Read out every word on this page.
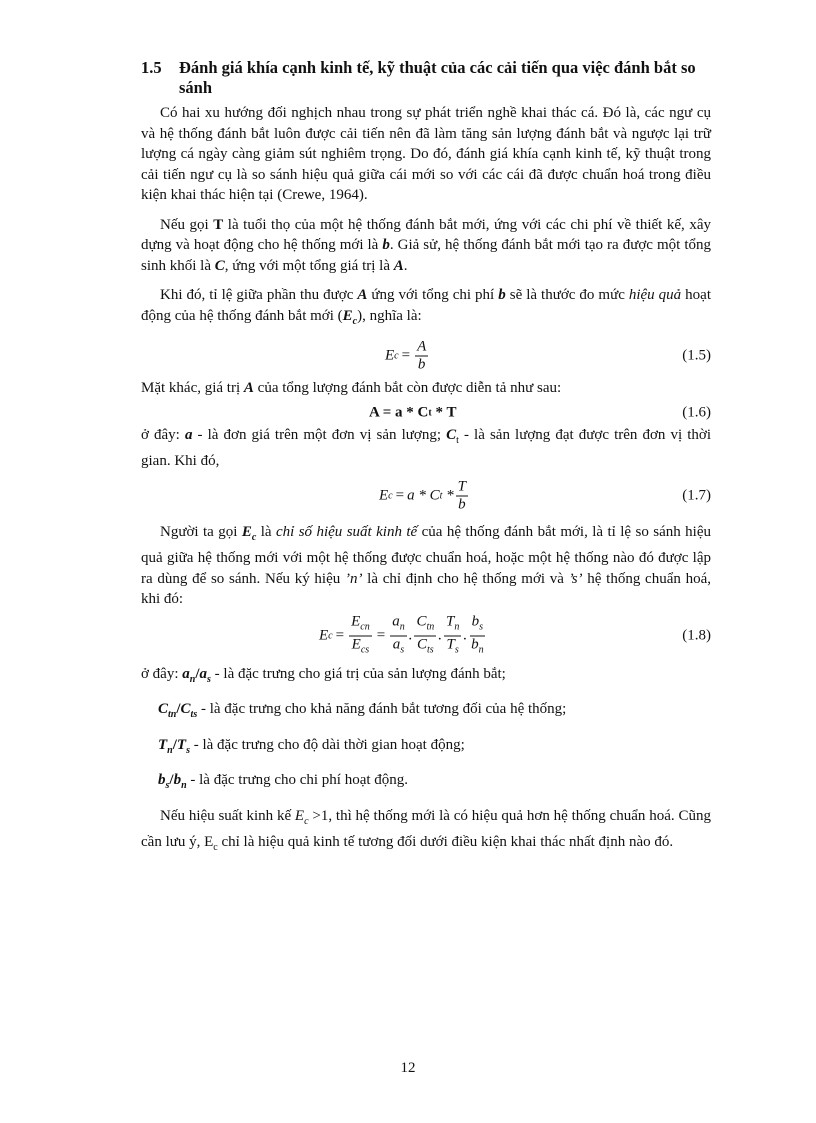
1.5 Đánh giá khía cạnh kinh tế, kỹ thuật của các cải tiến qua việc đánh bắt so sánh

Có hai xu hướng đối nghịch nhau trong sự phát triển nghề khai thác cá. Đó là, các ngư cụ và hệ thống đánh bắt luôn được cải tiến nên đã làm tăng sản lượng đánh bắt và ngược lại trữ lượng cá ngày càng giảm sút nghiêm trọng. Do đó, đánh giá khía cạnh kinh tế, kỹ thuật trong cải tiến ngư cụ là so sánh hiệu quả giữa cái mới so với các cái đã được chuẩn hoá trong điều kiện khai thác hiện tại (Crewe, 1964).

Nếu gọi T là tuổi thọ của một hệ thống đánh bắt mới, ứng với các chi phí về thiết kế, xây dựng và hoạt động cho hệ thống mới là b. Giả sử, hệ thống đánh bắt mới tạo ra được một tổng sinh khối là C, ứng với một tổng giá trị là A.

Khi đó, tỉ lệ giữa phần thu được A ứng với tổng chi phí b sẽ là thước đo mức hiệu quả hoạt động của hệ thống đánh bắt mới $(E_c)$, nghĩa là:

E $c = \frac{A}{b}$	(1.5)

Mặt khác, giá trị A của tổng lượng đánh bắt còn được diễn tả như sau:

A = a * C t * T	(1.6)

ở đây: a - là đơn giá trên một đơn vị sản lượng; $C_t$ - là sản lượng đạt được trên đơn vị thời gian. Khi đó,

E c = a * C t * $\frac{T}{b}$	(1.7)

Người ta gọi $E_c$ là chỉ số hiệu suất kinh tế của hệ thống đánh bắt mới, là tỉ lệ so sánh hiệu quả giữa hệ thống mới với một hệ thống được chuẩn hoá, hoặc một hệ thống nào đó được lập ra dùng để so sánh. Nếu ký hiệu ’n’ là chỉ định cho hệ thống mới và ’s’ hệ thống chuẩn hoá, khi đó:

E $c = \frac{E_{cn}}{E_{cs}} = \frac{a_n}{a_s}$ . $\frac{C_{tn}}{C_{ts}}$ . $\frac{T_n}{T_s}$ . $\frac{b_s}{b_n}$	(1.8)

ở đây: $a_n/a_s$ - là đặc trưng cho giá trị của sản lượng đánh bắt;

$C_{tn}/C_{ts}$ - là đặc trưng cho khả năng đánh bắt tương đối của hệ thống;

$T_n/T_s$ - là đặc trưng cho độ dài thời gian hoạt động;

$b_s/b_n$ - là đặc trưng cho chi phí hoạt động.

Nếu hiệu suất kinh kế $E_c >1$, thì hệ thống mới là có hiệu quả hơn hệ thống chuẩn hoá. Cũng cần lưu ý, $E_c$ chỉ là hiệu quả kinh tế tương đối dưới điều kiện khai thác nhất định nào đó.

12
